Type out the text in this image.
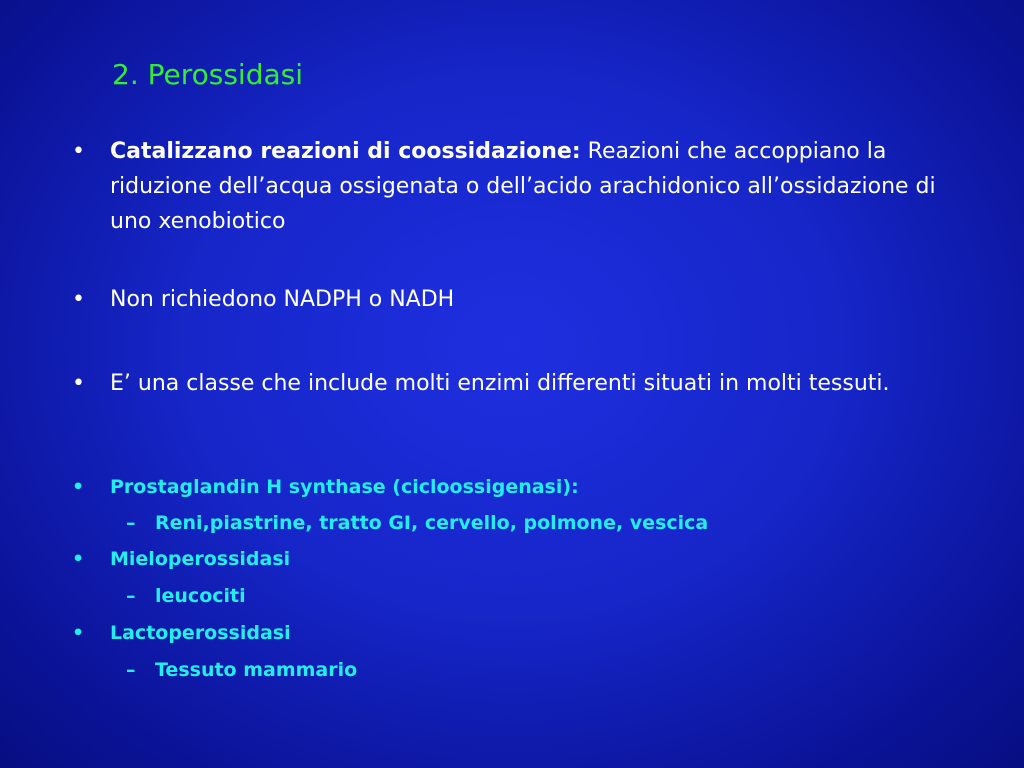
2. Perossidasi
•	Catalizzano reazioni di coossidazione: Reazioni che accoppiano la riduzione dell’acqua ossigenata o dell’acido arachidonico all’ossidazione di uno xenobiotico
•	Non richiedono NADPH o NADH
•	E’ una classe che include molti enzimi differenti situati in molti tessuti.
• Prostaglandin H synthase (cicloossigenasi):
– Reni,piastrine, tratto GI, cervello, polmone, vescica
• Mieloperossidasi
– leucociti
• Lactoperossidasi
– Tessuto mammario
